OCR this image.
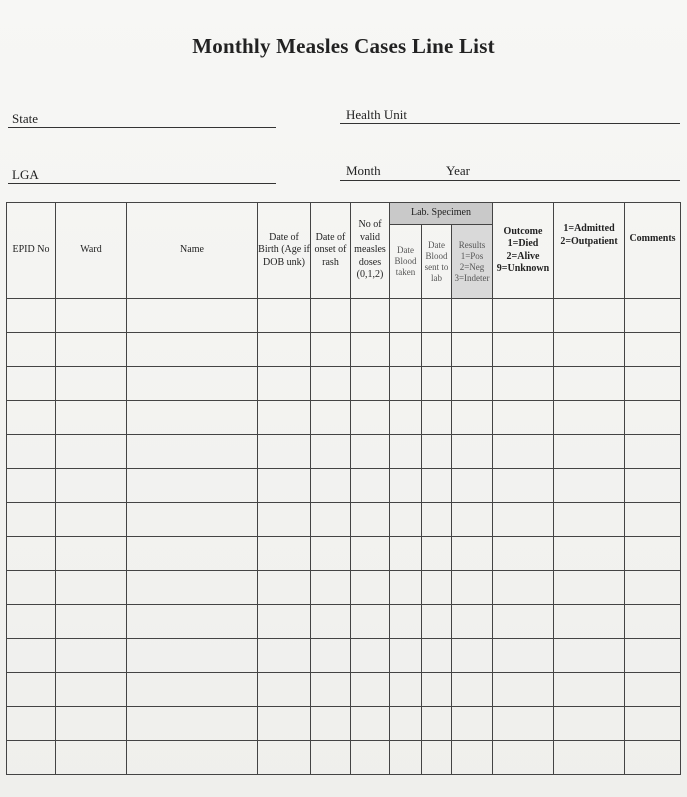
Monthly Measles Cases Line List
State	Health Unit
LGA	Month	Year
EPID No	Ward	Name	Date of Birth (Age if DOB unk)	Date of onset of rash	No of valid measles doses (0,1,2)	Lab. Specimen			Outcome 1=Died 2=Alive 9=Unknown	1=Admitted 2=Outpatient	Comments
						Date Blood taken	Date Blood sent to lab	Results 1=Pos 2=Neg 3=Indeter			
